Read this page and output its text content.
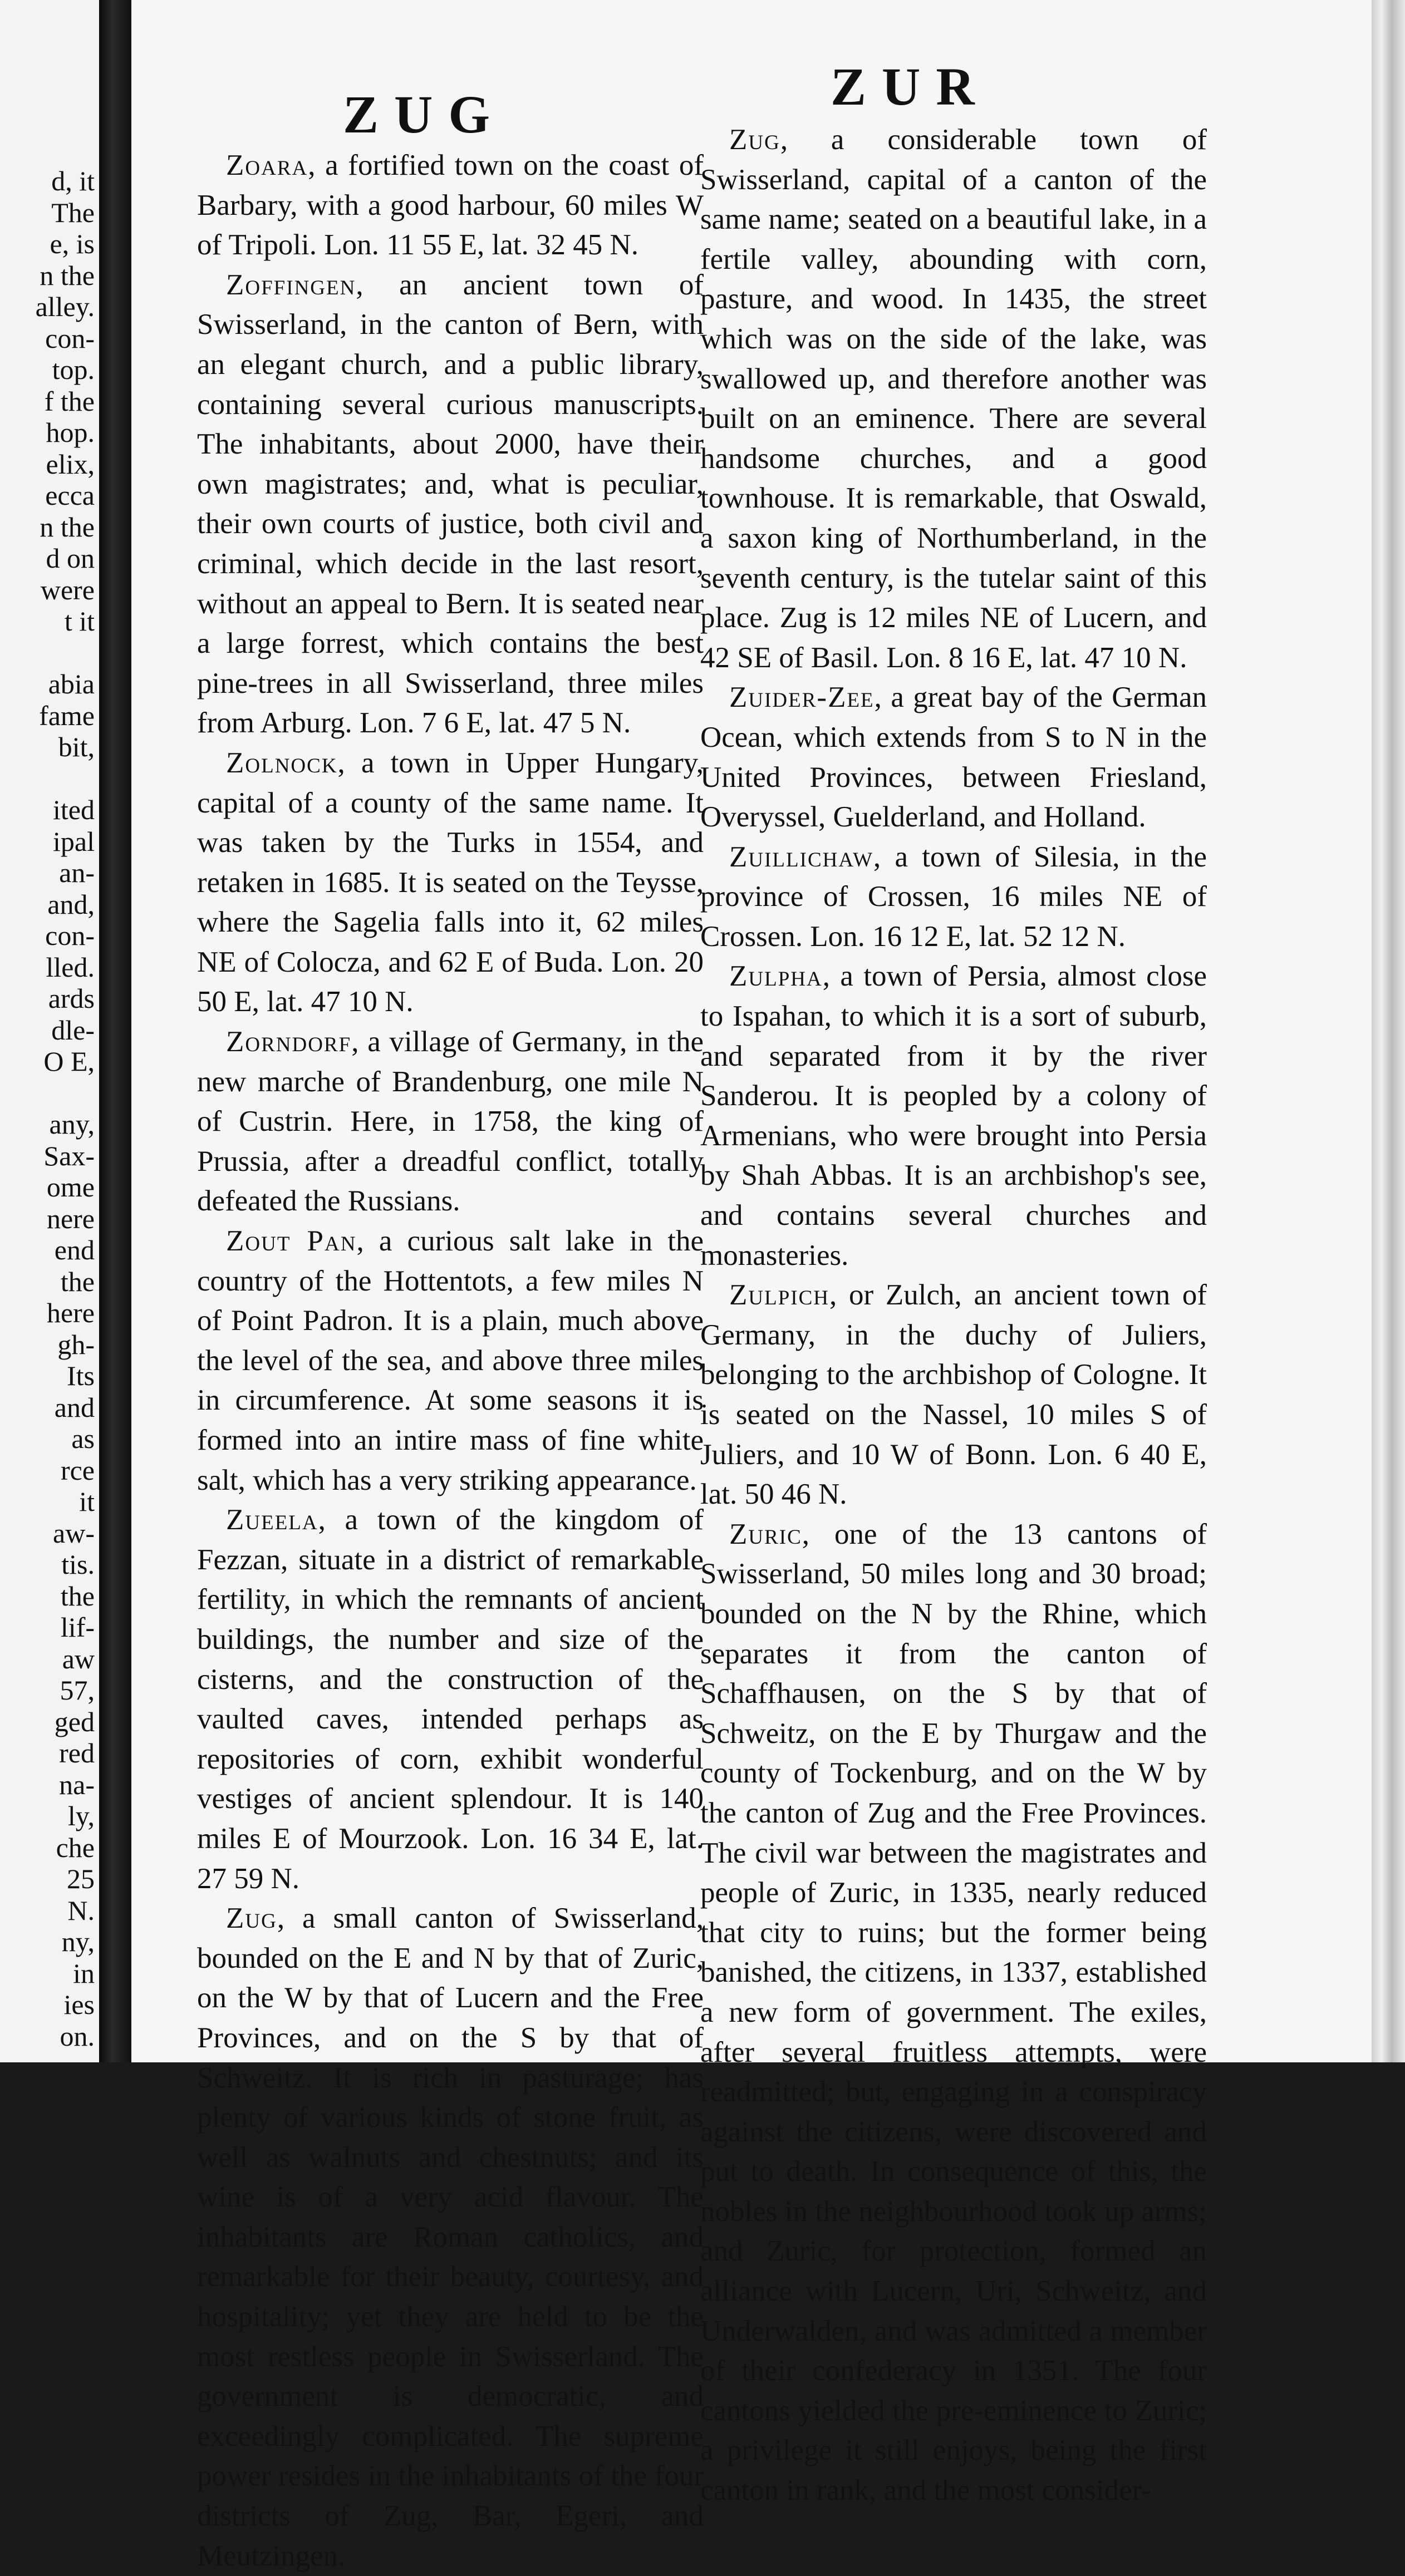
d, it
The
e, is
n the
alley.
con-
top.
f the
hop.
elix,
ecca
n the
d on
were
t it
abia
fame
bit,
ited
ipal
an-
and,
con-
lled.
ards
dle-
O E,
any,
Sax-
ome
nere
end
the
here
gh-
Its
and
as
rce
it
aw-
tis.
the
lif-
aw
57,
ged
red
na-
ly,
che
25
N.
ny,
in
ies
on.
ZUG	ZUR

Zoara, a fortified town on the coast of Barbary, with a good harbour, 60 miles W of Tripoli. Lon. 11 55 E, lat. 32 45 N.

Zoffingen, an ancient town of Swisserland, in the canton of Bern, with an elegant church, and a public library, containing several curious manuscripts. The inhabitants, about 2000, have their own magistrates; and, what is peculiar, their own courts of justice, both civil and criminal, which decide in the last resort, without an appeal to Bern. It is seated near a large forrest, which contains the best pine-trees in all Swisserland, three miles from Arburg. Lon. 7 6 E, lat. 47 5 N.

Zolnock, a town in Upper Hungary, capital of a county of the same name. It was taken by the Turks in 1554, and retaken in 1685. It is seated on the Teysse, where the Sagelia falls into it, 62 miles NE of Colocza, and 62 E of Buda. Lon. 20 50 E, lat. 47 10 N.

Zorndorf, a village of Germany, in the new marche of Brandenburg, one mile N of Custrin. Here, in 1758, the king of Prussia, after a dreadful conflict, totally defeated the Russians.

Zout Pan, a curious salt lake in the country of the Hottentots, a few miles N of Point Padron. It is a plain, much above the level of the sea, and above three miles in circumference. At some seasons it is formed into an intire mass of fine white salt, which has a very striking appearance.

Zueela, a town of the kingdom of Fezzan, situate in a district of remarkable fertility, in which the remnants of ancient buildings, the number and size of the cisterns, and the construction of the vaulted caves, intended perhaps as repositories of corn, exhibit wonderful vestiges of ancient splendour. It is 140 miles E of Mourzook. Lon. 16 34 E, lat. 27 59 N.

Zug, a small canton of Swisserland, bounded on the E and N by that of Zuric, on the W by that of Lucern and the Free Provinces, and on the S by that of Schweitz. It is rich in pasturage; has plenty of various kinds of stone fruit, as well as walnuts and chestnuts; and its wine is of a very acid flavour. The inhabitants are Roman catholics, and remarkable for their beauty, courtesy, and hospitality; yet they are held to be the most restless people in Swisserland. The government is democratic, and exceedingly complicated. The supreme power resides in the inhabitants of the four districts of Zug, Bar, Egeri, and Meutzingen.

Zug, a considerable town of Swisserland, capital of a canton of the same name; seated on a beautiful lake, in a fertile valley, abounding with corn, pasture, and wood. In 1435, the street which was on the side of the lake, was swallowed up, and therefore another was built on an eminence. There are several handsome churches, and a good townhouse. It is remarkable, that Oswald, a saxon king of Northumberland, in the seventh century, is the tutelar saint of this place. Zug is 12 miles NE of Lucern, and 42 SE of Basil. Lon. 8 16 E, lat. 47 10 N.

Zuider-Zee, a great bay of the German Ocean, which extends from S to N in the United Provinces, between Friesland, Overyssel, Guelderland, and Holland.

Zuillichaw, a town of Silesia, in the province of Crossen, 16 miles NE of Crossen. Lon. 16 12 E, lat. 52 12 N.

Zulpha, a town of Persia, almost close to Ispahan, to which it is a sort of suburb, and separated from it by the river Sanderou. It is peopled by a colony of Armenians, who were brought into Persia by Shah Abbas. It is an archbishop's see, and contains several churches and monasteries.

Zulpich, or Zulch, an ancient town of Germany, in the duchy of Juliers, belonging to the archbishop of Cologne. It is seated on the Nassel, 10 miles S of Juliers, and 10 W of Bonn. Lon. 6 40 E, lat. 50 46 N.

Zuric, one of the 13 cantons of Swisserland, 50 miles long and 30 broad; bounded on the N by the Rhine, which separates it from the canton of Schaffhausen, on the S by that of Schweitz, on the E by Thurgaw and the county of Tockenburg, and on the W by the canton of Zug and the Free Provinces. The civil war between the magistrates and people of Zuric, in 1335, nearly reduced that city to ruins; but the former being banished, the citizens, in 1337, established a new form of government. The exiles, after several fruitless attempts, were readmitted; but, engaging in a conspiracy against the citizens, were discovered and put to death. In consequence of this, the nobles in the neighbourhood took up arms; and Zuric, for protection, formed an alliance with Lucern, Uri, Schweitz, and Underwalden, and was admitted a member of their confederacy in 1351. The four cantons yielded the pre-eminence to Zuric; a privilege it still enjoys, being the first canton in rank, and the most consider-
